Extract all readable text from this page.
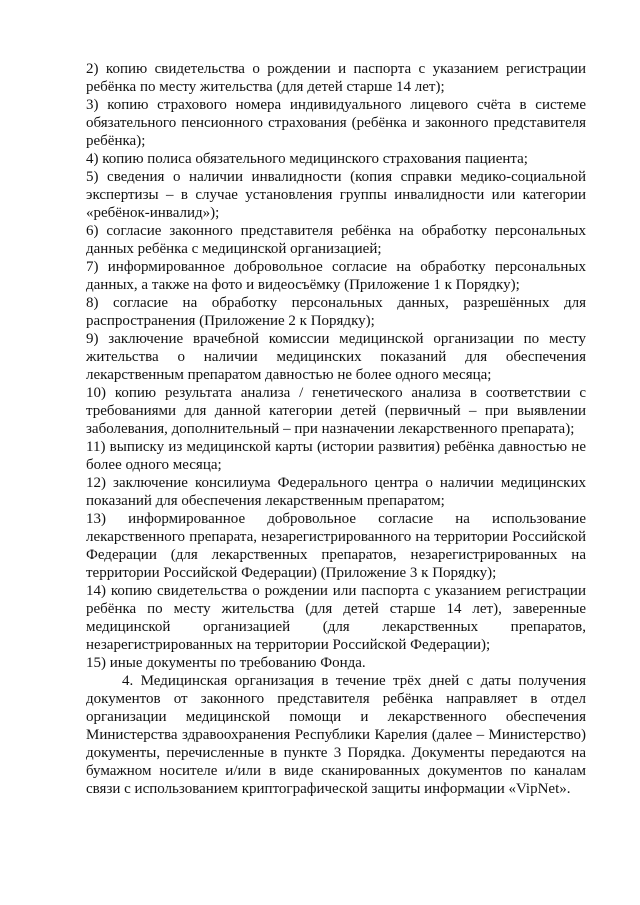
2) копию свидетельства о рождении и паспорта с указанием регистрации ребёнка по месту жительства (для детей старше 14 лет);

3) копию страхового номера индивидуального лицевого счёта в системе обязательного пенсионного страхования (ребёнка и законного представителя ребёнка);

4) копию полиса обязательного медицинского страхования пациента;

5) сведения о наличии инвалидности (копия справки медико-социальной экспертизы – в случае установления группы инвалидности или категории «ребёнок-инвалид»);

6) согласие законного представителя ребёнка на обработку персональных данных ребёнка с медицинской организацией;

7) информированное добровольное согласие на обработку персональных данных, а также на фото и видеосъёмку (Приложение 1 к Порядку);

8) согласие на обработку персональных данных, разрешённых для распространения (Приложение 2 к Порядку);

9) заключение врачебной комиссии медицинской организации по месту жительства о наличии медицинских показаний для обеспечения лекарственным препаратом давностью не более одного месяца;

10) копию результата анализа / генетического анализа в соответствии с требованиями для данной категории детей (первичный – при выявлении заболевания, дополнительный – при назначении лекарственного препарата);

11) выписку из медицинской карты (истории развития) ребёнка давностью не более одного месяца;

12) заключение консилиума Федерального центра о наличии медицинских показаний для обеспечения лекарственным препаратом;

13) информированное добровольное согласие на использование лекарственного препарата, незарегистрированного на территории Российской Федерации (для лекарственных препаратов, незарегистрированных на территории Российской Федерации) (Приложение 3 к Порядку);

14) копию свидетельства о рождении или паспорта с указанием регистрации ребёнка по месту жительства (для детей старше 14 лет), заверенные медицинской организацией (для лекарственных препаратов, незарегистрированных на территории Российской Федерации);

15) иные документы по требованию Фонда.

4. Медицинская организация в течение трёх дней с даты получения документов от законного представителя ребёнка направляет в отдел организации медицинской помощи и лекарственного обеспечения Министерства здравоохранения Республики Карелия (далее – Министерство) документы, перечисленные в пункте 3 Порядка. Документы передаются на бумажном носителе и/или в виде сканированных документов по каналам связи с использованием криптографической защиты информации «VipNet».
